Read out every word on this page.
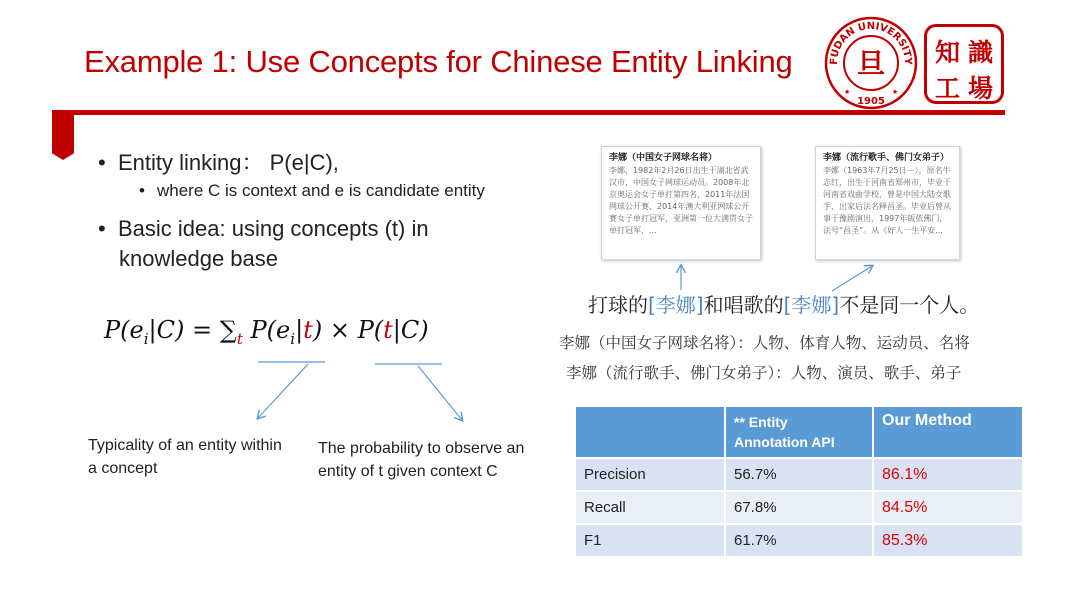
Example 1: Use Concepts for Chinese Entity Linking	FUDAN UNIVERSITY
旦
1905
★	★
知 識
工 場
• Entity linking： P(e|C),
• where C is context and e is candidate entity
• Basic idea: using concepts (t) in
knowledge base
$P(e_i|C) = \sum_t$ $P(e_i|t) \times P(t|C)$
Typicality of an entity within a concept
The probability to observe an entity of t given context C
李娜（中国女子网球名将）
李娜，1982年2月26日出生于湖北省武汉市，中国女子网球运动员。2008年北京奥运会女子单打第四名，2011年法国网球公开赛、2014年澳大利亚网球公开赛女子单打冠军，亚洲第一位大满贯女子单打冠军，...
李娜（流行歌手、佛门女弟子）
李娜（1963年7月25日－），原名牛志红，出生于河南省郑州市，毕业于河南省戏曲学校，曾是中国大陆女歌手，出家后法名释昌圣。毕业后曾从事于豫剧演出，1997年皈依佛门，法号“昌圣”。从《好人一生平安...
打球的[李娜]和唱歌的[李娜]不是同一个人。
李娜（中国女子网球名将）：人物、体育人物、运动员、名将
李娜（流行歌手、佛门女弟子）：人物、演员、歌手、弟子
	** Entity Annotation API	Our Method
Precision	56.7%	86.1%
Recall	67.8%	84.5%
F1	61.7%	85.3%
